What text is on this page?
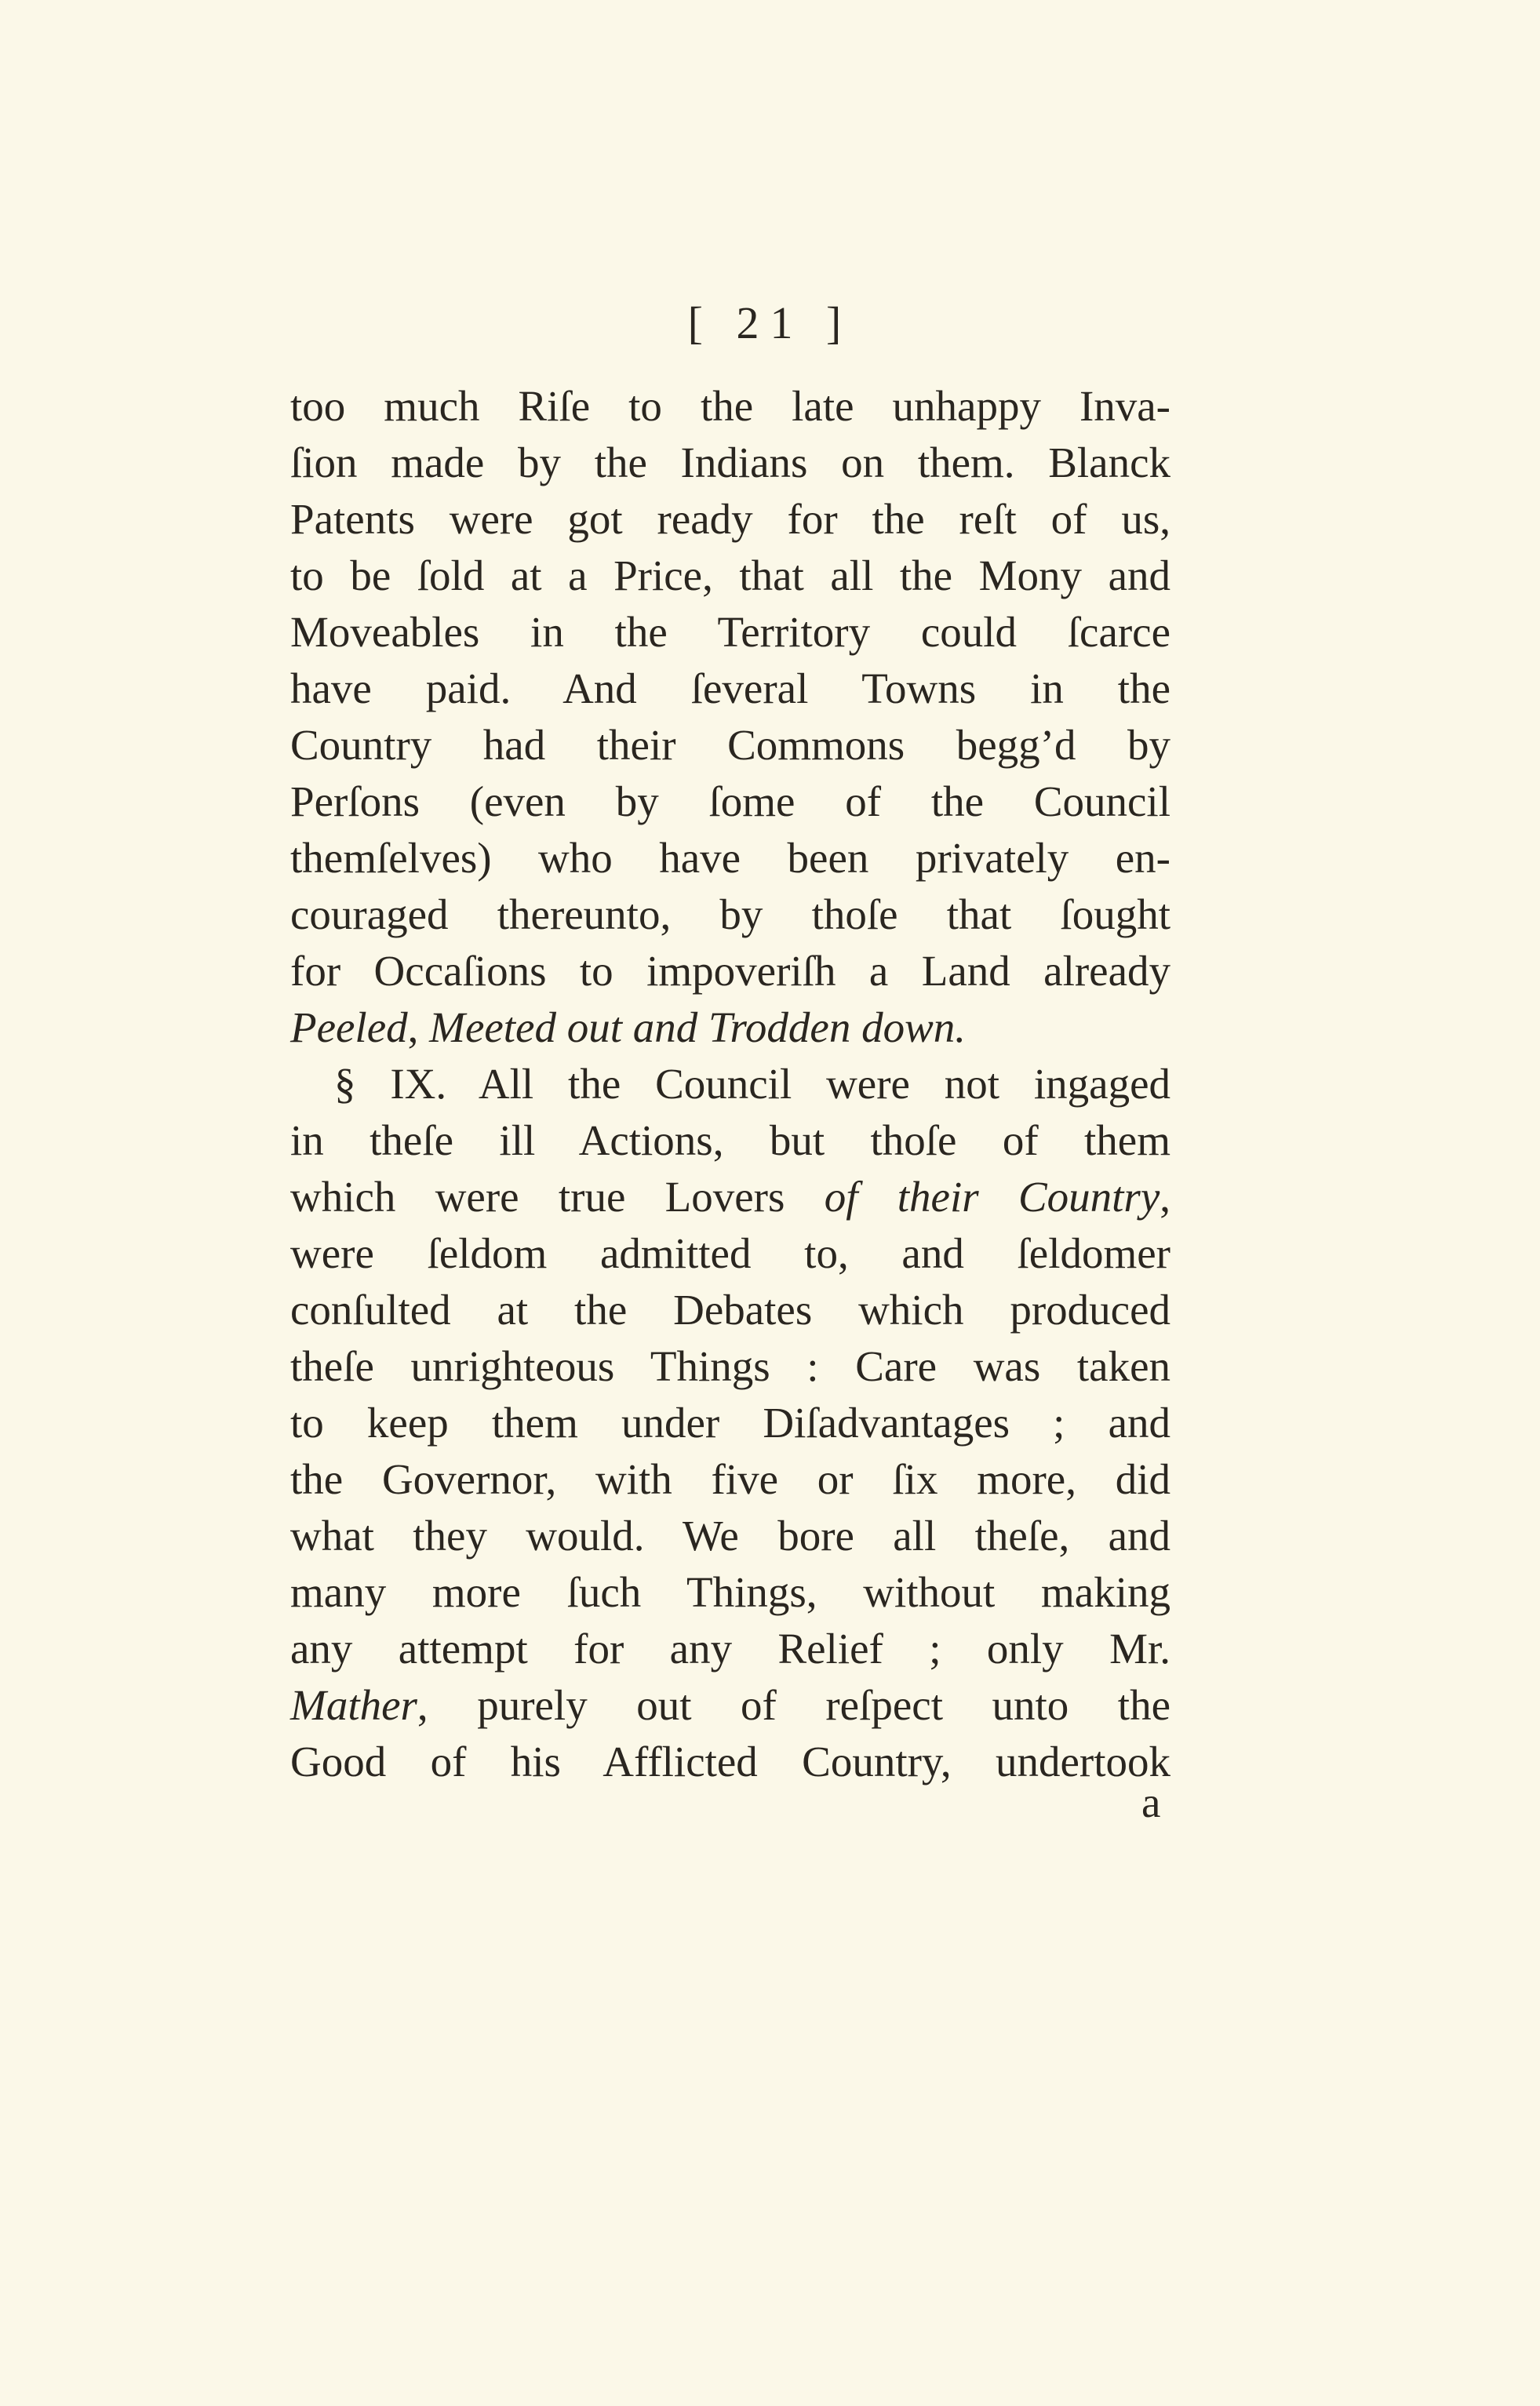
[ 21 ]
too much Riſe to the late unhappy Inva-
ſion made by the Indians on them. Blanck
Patents were got ready for the reſt of us,
to be ſold at a Price, that all the Mony and
Moveables in the Territory could ſcarce
have paid. And ſeveral Towns in the
Country had their Commons begg’d by
Perſons (even by ſome of the Council
themſelves) who have been privately en-
couraged thereunto, by thoſe that ſought
for Occaſions to impoveriſh a Land already
Peeled, Meeted out and Trodden down.
§ IX. All the Council were not ingaged
in theſe ill Actions, but thoſe of them
which were true Lovers of their Country,
were ſeldom admitted to, and ſeldomer
conſulted at the Debates which produced
theſe unrighteous Things : Care was taken
to keep them under Diſadvantages ; and
the Governor, with five or ſix more, did
what they would. We bore all theſe, and
many more ſuch Things, without making
any attempt for any Relief ; only Mr.
Mather, purely out of reſpect unto the
Good of his Afflicted Country, undertook
a
